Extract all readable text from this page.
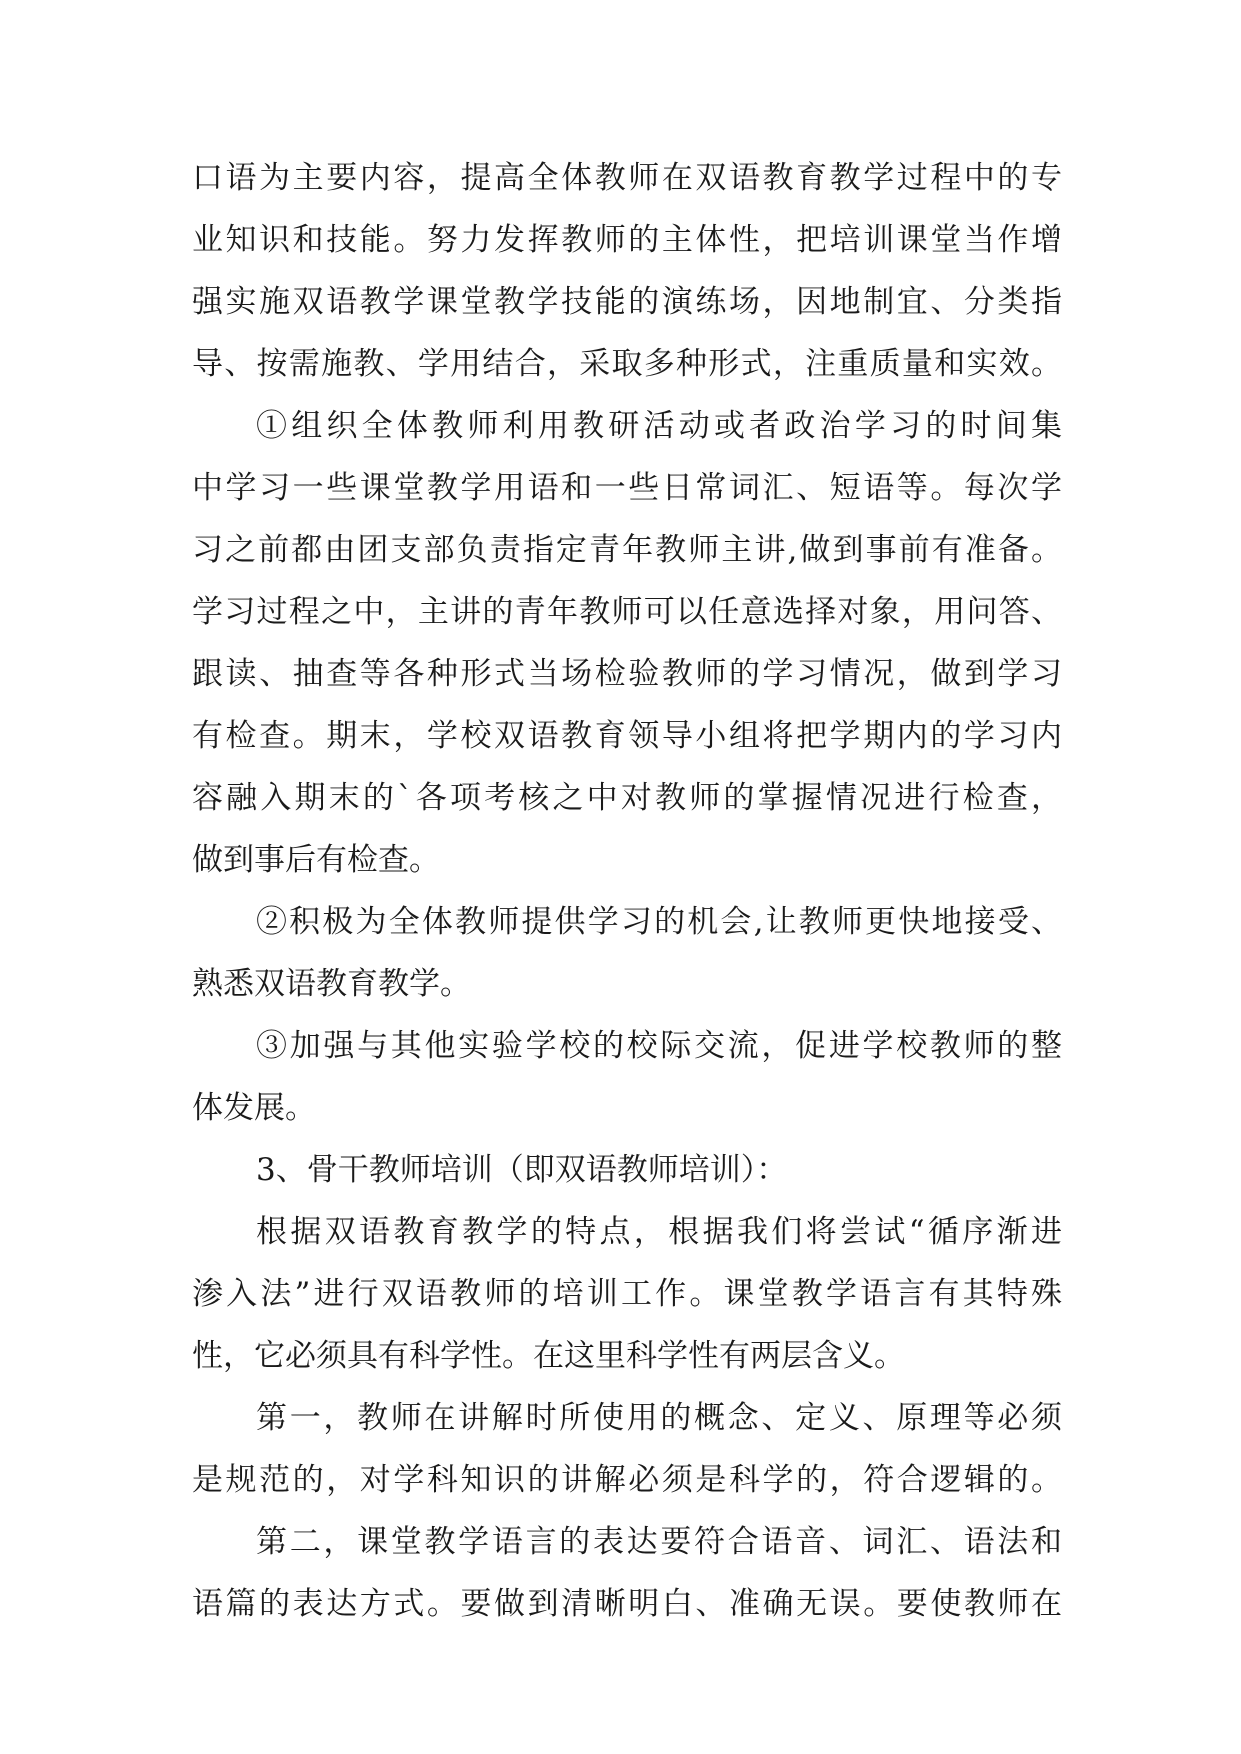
口语为主要内容，提高全体教师在双语教育教学过程中的专
业知识和技能。努力发挥教师的主体性，把培训课堂当作增
强实施双语教学课堂教学技能的演练场，因地制宜、分类指
导、按需施教、学用结合，采取多种形式，注重质量和实效。
①组织全体教师利用教研活动或者政治学习的时间集
中学习一些课堂教学用语和一些日常词汇、短语等。每次学
习之前都由团支部负责指定青年教师主讲,做到事前有准备。
学习过程之中，主讲的青年教师可以任意选择对象，用问答、
跟读、抽查等各种形式当场检验教师的学习情况，做到学习
有检查。期末，学校双语教育领导小组将把学期内的学习内
容融入期末的`各项考核之中对教师的掌握情况进行检查，
做到事后有检查。
②积极为全体教师提供学习的机会,让教师更快地接受、
熟悉双语教育教学。
③加强与其他实验学校的校际交流，促进学校教师的整
体发展。
3、骨干教师培训（即双语教师培训）：
根据双语教育教学的特点，根据我们将尝试“循序渐进
渗入法”进行双语教师的培训工作。课堂教学语言有其特殊
性，它必须具有科学性。在这里科学性有两层含义。
第一，教师在讲解时所使用的概念、定义、原理等必须
是规范的，对学科知识的讲解必须是科学的，符合逻辑的。
第二，课堂教学语言的表达要符合语音、词汇、语法和
语篇的表达方式。要做到清晰明白、准确无误。要使教师在
